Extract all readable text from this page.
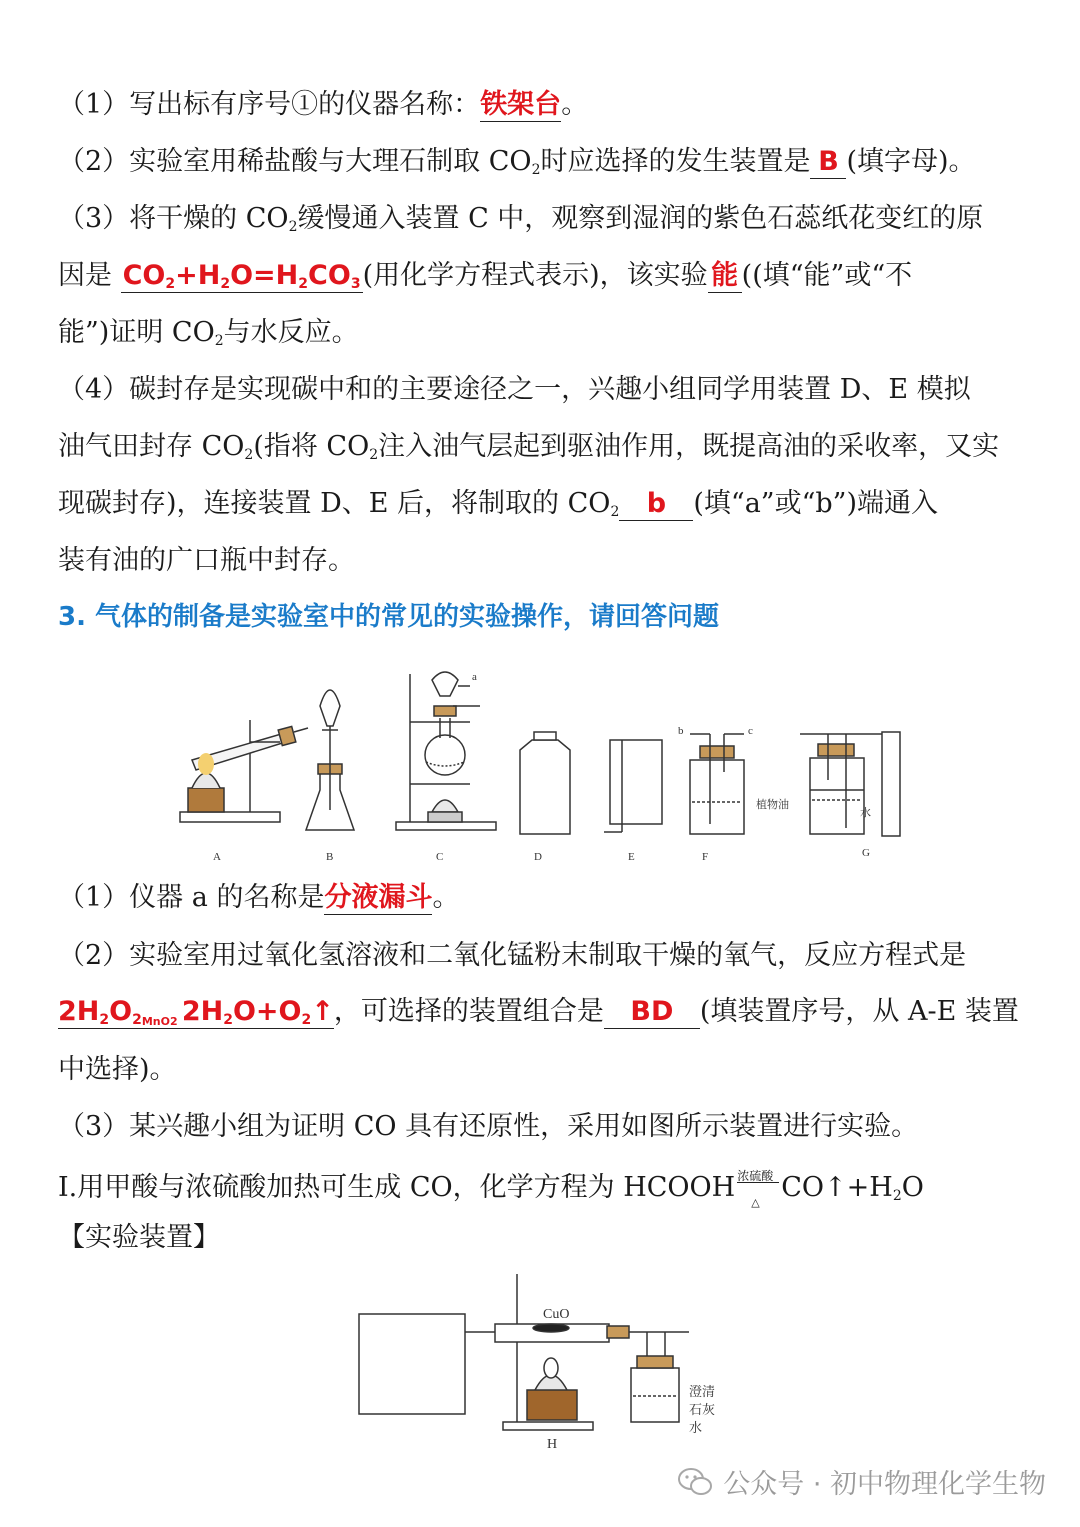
（1）写出标有序号①的仪器名称：铁架台。
（2）实验室用稀盐酸与大理石制取 $CO_2$时应选择的发生装置是 B (填字母)。
（3）将干燥的 $CO_2$缓慢通入装置 C 中，观察到湿润的紫色石蕊纸花变红的原
因是 $CO_2+H_2O=H_2CO_3$(用化学方程式表示)，该实验 能 ((填“能”或“不
能”)证明 $CO_2$与水反应。
（4）碳封存是实现碳中和的主要途径之一，兴趣小组同学用装置 D、E 模拟
油气田封存 $CO_2$(指将 $CO_2$注入油气层起到驱油作用，既提高油的采收率，又实
现碳封存)，连接装置 D、E 后，将制取的 $CO_2$ b (填“a”或“b”)端通入
装有油的广口瓶中封存。
3. 气体的制备是实验室中的常见的实验操作，请回答问题
A	B	C	D	E	F	G
a
b	c
植物油
水
（1）仪器 a 的名称是分液漏斗。
（2）实验室用过氧化氢溶液和二氧化锰粉末制取干燥的氧气，反应方程式是
$2H_2O_2$ MnO2 $2H_2O+O_2↑$，可选择的装置组合是 BD (填装置序号，从 A-E 装置
中选择)。
（3）某兴趣小组为证明 CO 具有还原性，采用如图所示装置进行实验。
Ⅰ.用甲酸与浓硫酸加热可生成 CO，化学方程为 HCOOH 浓硫酸
△ $CO↑+H_2O$
【实验装置】
CuO
H
澄清
石灰
水
公众号 · 初中物理化学生物
